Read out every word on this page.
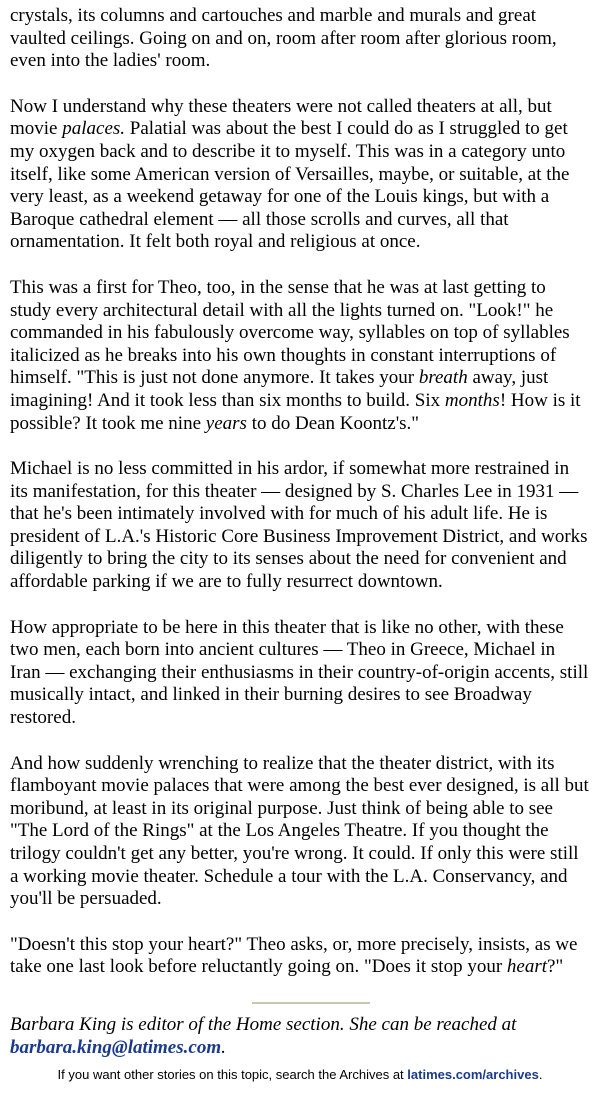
crystals, its columns and cartouches and marble and murals and great vaulted ceilings. Going on and on, room after room after glorious room, even into the ladies' room.

Now I understand why these theaters were not called theaters at all, but movie palaces. Palatial was about the best I could do as I struggled to get my oxygen back and to describe it to myself. This was in a category unto itself, like some American version of Versailles, maybe, or suitable, at the very least, as a weekend getaway for one of the Louis kings, but with a Baroque cathedral element — all those scrolls and curves, all that ornamentation. It felt both royal and religious at once.

This was a first for Theo, too, in the sense that he was at last getting to study every architectural detail with all the lights turned on. "Look!" he commanded in his fabulously overcome way, syllables on top of syllables italicized as he breaks into his own thoughts in constant interruptions of himself. "This is just not done anymore. It takes your breath away, just imagining! And it took less than six months to build. Six months! How is it possible? It took me nine years to do Dean Koontz's."

Michael is no less committed in his ardor, if somewhat more restrained in its manifestation, for this theater — designed by S. Charles Lee in 1931 — that he's been intimately involved with for much of his adult life. He is president of L.A.'s Historic Core Business Improvement District, and works diligently to bring the city to its senses about the need for convenient and affordable parking if we are to fully resurrect downtown.

How appropriate to be here in this theater that is like no other, with these two men, each born into ancient cultures — Theo in Greece, Michael in Iran — exchanging their enthusiasms in their country-of-origin accents, still musically intact, and linked in their burning desires to see Broadway restored.

And how suddenly wrenching to realize that the theater district, with its flamboyant movie palaces that were among the best ever designed, is all but moribund, at least in its original purpose. Just think of being able to see "The Lord of the Rings" at the Los Angeles Theatre. If you thought the trilogy couldn't get any better, you're wrong. It could. If only this were still a working movie theater. Schedule a tour with the L.A. Conservancy, and you'll be persuaded.

"Doesn't this stop your heart?" Theo asks, or, more precisely, insists, as we take one last look before reluctantly going on. "Does it stop your heart?"

Barbara King is editor of the Home section. She can be reached at barbara.king@latimes.com.

If you want other stories on this topic, search the Archives at latimes.com/archives.
